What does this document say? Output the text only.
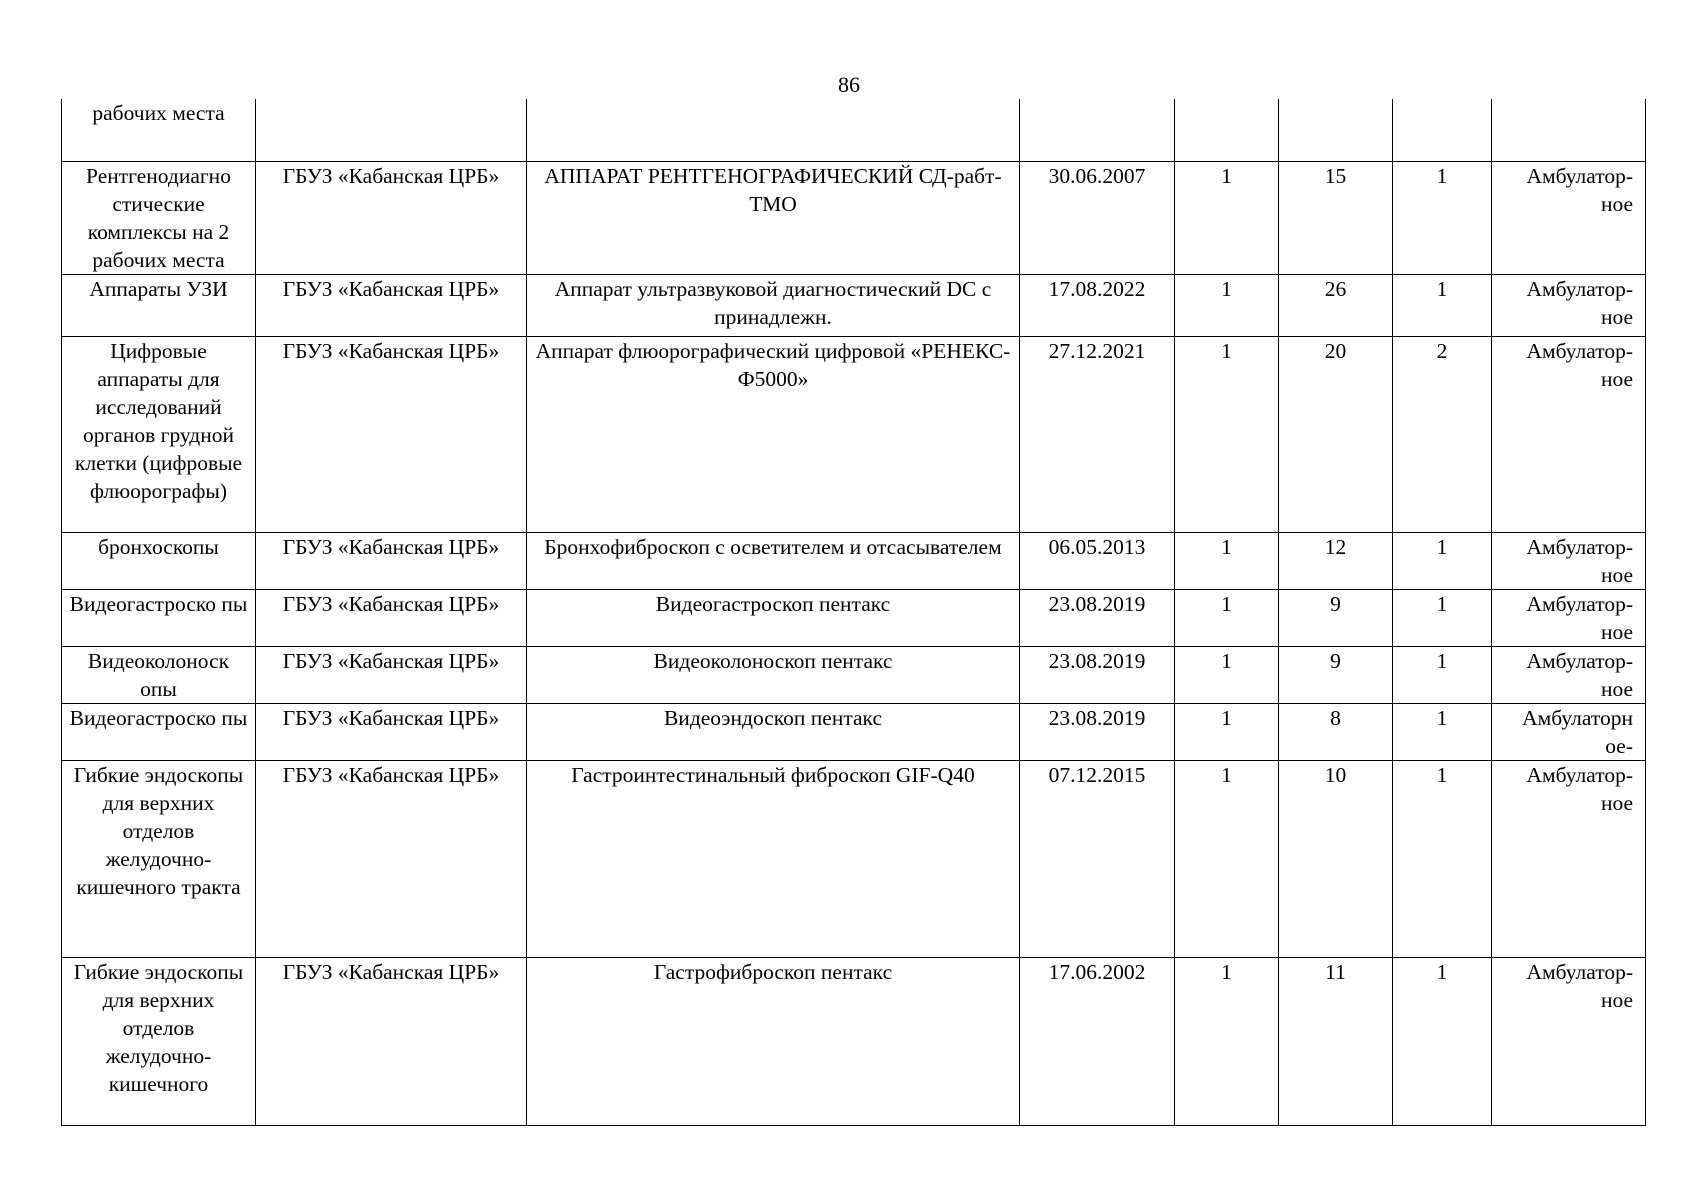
86
рабочих места							

Рентгенодиагно стические комплексы на 2 рабочих места	ГБУЗ «Кабанская ЦРБ»	АППАРАТ РЕНТГЕНОГРАФИЧЕСКИЙ СД-рабт-ТМО	30.06.2007	1	15	1	Амбулатор-ное

Аппараты УЗИ	ГБУЗ «Кабанская ЦРБ»	Аппарат ультразвуковой диагностический DC с принадлежн.	17.08.2022	1	26	1	Амбулатор-ное

Цифровые аппараты для исследований органов грудной клетки (цифровые флюорографы)	ГБУЗ «Кабанская ЦРБ»	Аппарат флюорографический цифровой «РЕНЕКС-Ф5000»	27.12.2021	1	20	2	Амбулатор-ное

бронхоскопы	ГБУЗ «Кабанская ЦРБ»	Бронхофиброскоп с осветителем и отсасывателем	06.05.2013	1	12	1	Амбулатор-ное

Видеогастроско пы	ГБУЗ «Кабанская ЦРБ»	Видеогастроскоп пентакс	23.08.2019	1	9	1	Амбулатор-ное

Видеоколоноск опы	ГБУЗ «Кабанская ЦРБ»	Видеоколоноскоп пентакс	23.08.2019	1	9	1	Амбулатор-ное

Видеогастроско пы	ГБУЗ «Кабанская ЦРБ»	Видеоэндоскоп пентакс	23.08.2019	1	8	1	Амбулаторн ое-

Гибкие эндоскопы для верхних отделов желудочно-кишечного тракта	ГБУЗ «Кабанская ЦРБ»	Гастроинтестинальный фиброскоп GIF-Q40	07.12.2015	1	10	1	Амбулатор-ное

Гибкие эндоскопы для верхних отделов желудочно-кишечного	ГБУЗ «Кабанская ЦРБ»	Гастрофиброскоп пентакс	17.06.2002	1	11	1	Амбулатор-ное
